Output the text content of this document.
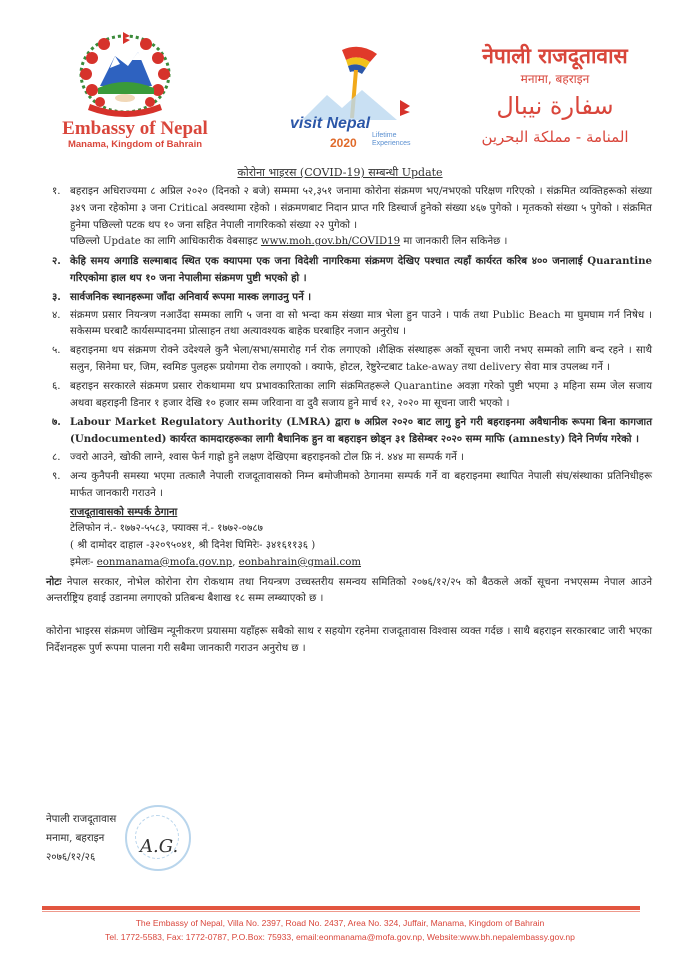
Embassy of Nepal
Manama, Kingdom of Bahrain
visit Nepal
2020
Lifetime
Experiences
नेपाली राजदूतावास
मनामा, बहराइन
سفارة نيبال
المنامة - مملكة البحرين
कोरोना भाइरस (COVID-19) सम्बन्धी Update
१. बहराइन अधिराज्यमा ८ अप्रिल २०२० (दिनको २ बजे) सम्ममा ५२,३५१ जनामा कोरोना संक्रमण भए/नभएको परिक्षण गरिएको । संक्रमित व्यक्तिहरूको संख्या ३४९ जना रहेकोमा ३ जना Critical अवस्थामा रहेको । संक्रमणबाट निदान प्राप्त गरि डिस्चार्ज हुनेको संख्या ४६७ पुगेको । मृतकको संख्या ५ पुगेको । संक्रमित हुनेमा पछिल्लो पटक थप १० जना सहित नेपाली नागरिकको संख्या २२ पुगेको ।
पछिल्लो Update का लागि आधिकारीक वेबसाइट www.moh.gov.bh/COVID19 मा जानकारी लिन सकिनेछ ।
२. केहि समय अगाडि सल्माबाद स्थित एक क्यापमा एक जना विदेशी नागरिकमा संक्रमण देखिए पश्चात त्यहाँ कार्यरत करिब ४०० जनालाई Quarantine गरिएकोमा हाल थप १० जना नेपालीमा संक्रमण पुष्टी भएको हो ।
३. सार्वजनिक स्थानहरूमा जाँदा अनिवार्य रूपमा मास्क लगाउनु पर्ने ।
४. संक्रमण प्रसार नियन्त्रण नआउँदा सम्मका लागि ५ जना वा सो भन्दा कम संख्या मात्र भेला हुन पाउने । पार्क तथा Public Beach मा घुमघाम गर्न निषेध । सकेसम्म घरबाटै कार्यसम्पादनमा प्रोत्साहन तथा अत्यावश्यक बाहेक घरबाहिर नजान अनुरोध ।
५. बहराइनमा थप संक्रमण रोक्ने उदेश्यले कुनै भेला/सभा/समारोह गर्न रोक लगाएको ।शैक्षिक संस्थाहरू अर्को सूचना जारी नभए सम्मको लागि बन्द रहने । साथै सलुन, सिनेमा घर, जिम, स्वमिङ पुलहरू प्रयोगमा रोक लगाएको । क्याफे, होटल, रेष्टुरेन्टबाट take-away तथा delivery सेवा मात्र उपलब्ध गर्ने ।
६. बहराइन सरकारले संक्रमण प्रसार रोकथाममा थप प्रभावकारिताका लागि संक्रमितहरूले Quarantine अवज्ञा गरेको पुष्टी भएमा ३ महिना सम्म जेल सजाय अथवा बहराइनी डिनार १ हजार देखि १० हजार सम्म जरिवाना वा दुवै सजाय हुने मार्च १२, २०२० मा सूचना जारी भएको ।
७. Labour Market Regulatory Authority (LMRA) द्वारा ७ अप्रिल २०२० बाट लागु हुने गरी बहराइनमा अवैधानीक रूपमा बिना कागजात (Undocumented) कार्यरत कामदारहरूका लागी बैधानिक हुन वा बहराइन छोड्न ३१ डिसेम्बर २०२० सम्म माफि (amnesty) दिने निर्णय गरेको ।
८. ज्वरो आउने, खोकी लाग्ने, श्वास फेर्न गाह्रो हुने लक्षण देखिएमा बहराइनको टोल फ्रि नं. ४४४ मा सम्पर्क गर्ने ।
९. अन्य कुनैपनी समस्या भएमा तत्कालै नेपाली राजदूतावासको निम्न बमोजीमको ठेगानमा सम्पर्क गर्ने वा बहराइनमा स्थापित नेपाली संघ/संस्थाका प्रतिनिधीहरू मार्फत जानकारी गराउने ।
राजदूतावासको सम्पर्क ठेगाना
टेलिफोन नं.- १७७२-५५८३, फ्याक्स नं.- १७७२-०७८७
( श्री दामोदर दाहाल -३२०९५०४१, श्री दिनेश घिमिरेः- ३४१६११३६ )
इमेलः- eonmanama@mofa.gov.np, eonbahrain@gmail.com
नोटः नेपाल सरकार, नोभेल कोरोना रोग रोकथाम तथा नियन्त्रण उच्चस्तरीय समन्वय समितिको २०७६/१२/२५ को बैठकले अर्को सूचना नभएसम्म नेपाल आउने अन्तर्राष्ट्रिय हवाई उडानमा लगाएको प्रतिबन्ध बैशाख १८ सम्म लम्ब्याएको छ ।
कोरोना भाइरस संक्रमण जोखिम न्यूनीकरण प्रयासमा यहाँहरू सबैको साथ र सहयोग रहनेमा राजदूतावास विश्वास व्यक्त गर्दछ । साथै बहराइन सरकारबाट जारी भएका निर्देशनहरू पुर्ण रूपमा पालना गरी सबैमा जानकारी गराउन अनुरोध छ ।
नेपाली राजदूतावास
मनामा, बहराइन
२०७६/१२/२६
A.G.
The Embassy of Nepal, Villa No. 2397, Road No. 2437, Area No. 324, Juffair, Manama, Kingdom of Bahrain
Tel. 1772-5583, Fax: 1772-0787, P.O.Box: 75933, email:eonmanama@mofa.gov.np, Website:www.bh.nepalembassy.gov.np
